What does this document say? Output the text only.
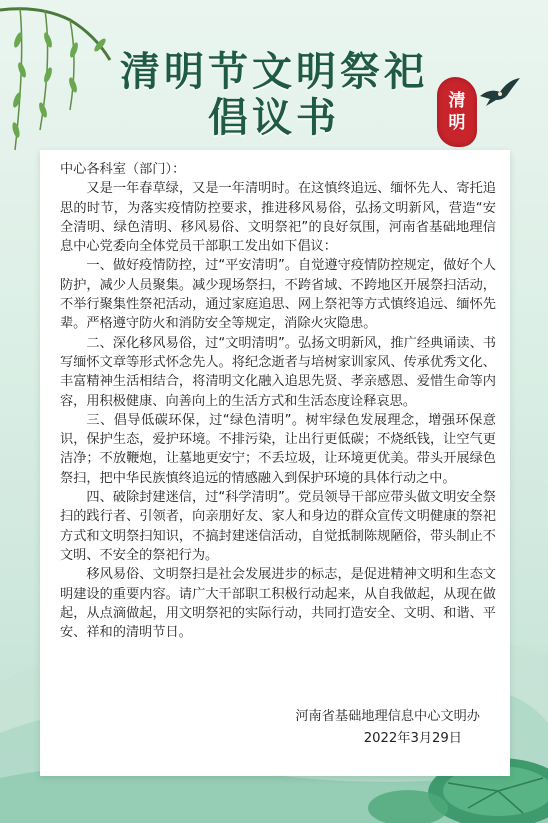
清明节文明祭祀
倡议书	清
明

中心各科室（部门）：

又是一年春草绿，又是一年清明时。在这慎终追远、缅怀先人、寄托追思的时节，为落实疫情防控要求，推进移风易俗，弘扬文明新风，营造“安全清明、绿色清明、移风易俗、文明祭祀”的良好氛围，河南省基础地理信息中心党委向全体党员干部职工发出如下倡议：

一、做好疫情防控，过“平安清明”。自觉遵守疫情防控规定，做好个人防护，减少人员聚集。减少现场祭扫，不跨省域、不跨地区开展祭扫活动，不举行聚集性祭祀活动，通过家庭追思、网上祭祀等方式慎终追远、缅怀先辈。严格遵守防火和消防安全等规定，消除火灾隐患。

二、深化移风易俗，过“文明清明”。弘扬文明新风，推广经典诵读、书写缅怀文章等形式怀念先人。将纪念逝者与培树家训家风、传承优秀文化、丰富精神生活相结合，将清明文化融入追思先贤、孝亲感恩、爱惜生命等内容，用积极健康、向善向上的生活方式和生活态度诠释哀思。

三、倡导低碳环保，过“绿色清明”。树牢绿色发展理念，增强环保意识，保护生态，爱护环境。不排污染，让出行更低碳；不烧纸钱，让空气更洁净；不放鞭炮，让墓地更安宁；不丢垃圾，让环境更优美。带头开展绿色祭扫，把中华民族慎终追远的情感融入到保护环境的具体行动之中。

四、破除封建迷信，过“科学清明”。党员领导干部应带头做文明安全祭扫的践行者、引领者，向亲朋好友、家人和身边的群众宣传文明健康的祭祀方式和文明祭扫知识，不搞封建迷信活动，自觉抵制陈规陋俗，带头制止不文明、不安全的祭祀行为。

移风易俗、文明祭扫是社会发展进步的标志，是促进精神文明和生态文明建设的重要内容。请广大干部职工积极行动起来，从自我做起，从现在做起，从点滴做起，用文明祭祀的实际行动，共同打造安全、文明、和谐、平安、祥和的清明节日。

河南省基础地理信息中心文明办
2022年3月29日
